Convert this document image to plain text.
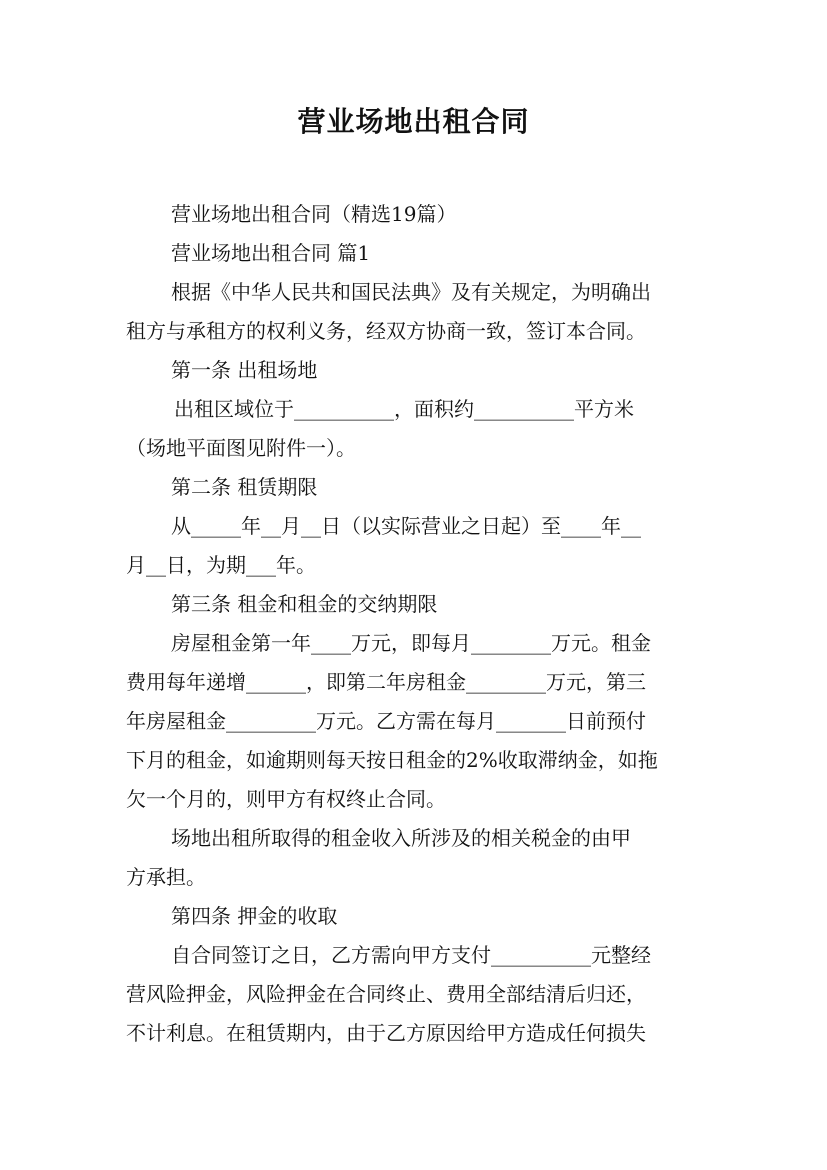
营业场地出租合同
营业场地出租合同（精选19篇）
营业场地出租合同 篇1
根据《中华人民共和国民法典》及有关规定，为明确出
租方与承租方的权利义务，经双方协商一致，签订本合同。
第一条 出租场地
出租区域位于__________，面积约__________平方米
（场地平面图见附件一）。
第二条 租赁期限
从_____年__月__日（以实际营业之日起）至____年__
月__日，为期___年。
第三条 租金和租金的交纳期限
房屋租金第一年____万元，即每月________万元。租金
费用每年递增______，即第二年房租金________万元，第三
年房屋租金_________万元。乙方需在每月_______日前预付
下月的租金，如逾期则每天按日租金的2%收取滞纳金，如拖
欠一个月的，则甲方有权终止合同。
场地出租所取得的租金收入所涉及的相关税金的由甲
方承担。
第四条 押金的收取
自合同签订之日，乙方需向甲方支付__________元整经
营风险押金，风险押金在合同终止、费用全部结清后归还，
不计利息。在租赁期内，由于乙方原因给甲方造成任何损失
